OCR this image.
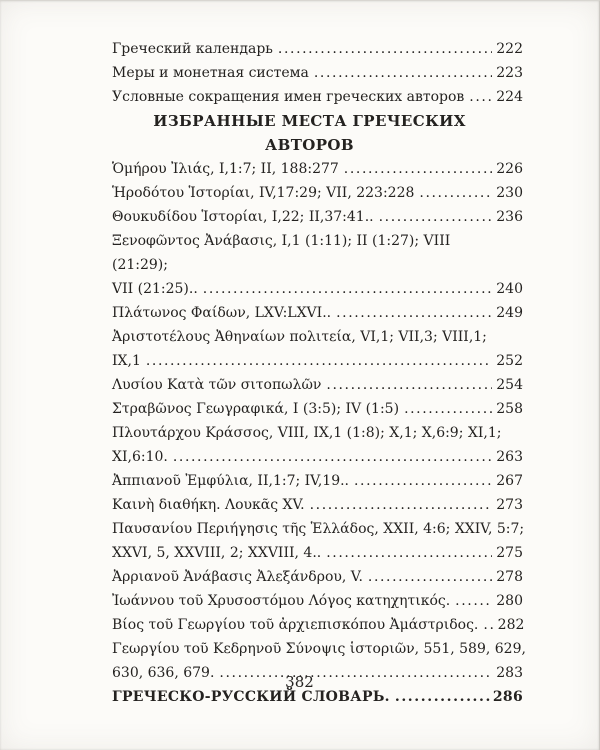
Греческий календарь .....	222
Меры и монетная система .....	223
Условные сокращения имен греческих авторов ..... 224
ИЗБРАННЫЕ МЕСТА ГРЕЧЕСКИХ АВТОРОВ
Ὁμήρου Ἰλιάς, I,1:7; II, 188:277 .....	226
Ἡροδότου Ἱστορίαι, IV,17:29; VII, 223:228 .....	230
Θουκυδίδου Ἱστορίαι, I,22; II,37:41.. .....	236
Ξενοφῶντος Ἀνάβασις, I,1 (1:11); II (1:27); VIII
(21:29);
VII (21:25).. .....	240
Πλάτωνος Φαίδων, LXV:LXVI.. .....	249
Ἀριστοτέλους Ἀθηναίων πολιτεία, VI,1; VII,3; VIII,1;
IX,1 .....	252
Λυσίου Κατὰ τῶν σιτοπωλῶν .....	254
Στραβῶνος Γεωγραφικά, I (3:5); IV (1:5) .....	258
Πλουτάρχου Κράσσος, VIII, IX,1 (1:8); X,1; X,6:9; XI,1;
XI,6:10. .....	263
Ἀππιανοῦ Ἐμφύλια, II,1:7; IV,19.. .....	267
Καινὴ διαθήκη. Λουκᾶς XV. .....	273
Παυσανίου Περιήγησις τῆς Ἑλλάδος, XXII, 4:6; XXIV, 5:7;
XXVI, 5, XXVIII, 2; XXVIII, 4.. .....	275
Ἀρριανοῦ Ἀνάβασις Ἀλεξάνδρου, V. .....	278
Ἰωάννου τοῦ Χρυσοστόμου Λόγος κατηχητικός. .....	280
Βίος τοῦ Γεωργίου τοῦ ἀρχιεπισκόπου Ἀμάστριδος. ..... 282
Γεωργίου τοῦ Κεδρηνοῦ Σύνοψις ἱστοριῶν, 551, 589, 629,
630, 636, 679. .....	283
ГРЕЧЕСКО-РУССКИЙ СЛОВАРЬ. .....	286
382
